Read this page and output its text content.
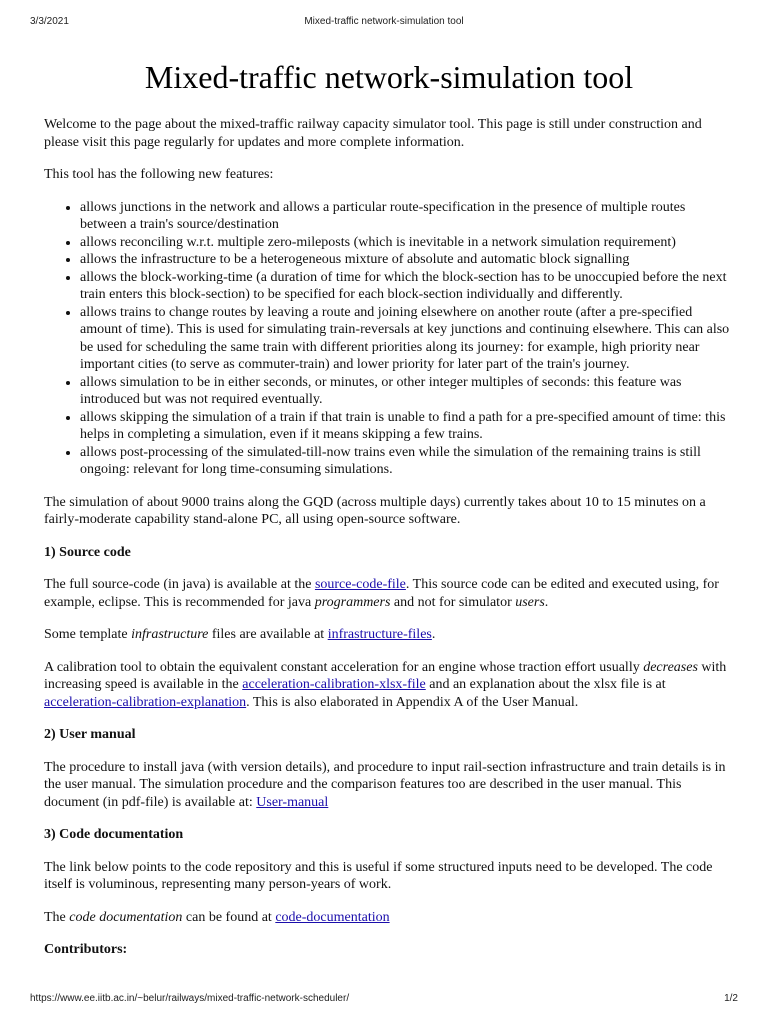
3/3/2021	Mixed-traffic network-simulation tool
Mixed-traffic network-simulation tool

Welcome to the page about the mixed-traffic railway capacity simulator tool. This page is still under construction and please visit this page regularly for updates and more complete information.

This tool has the following new features:

• allows junctions in the network and allows a particular route-specification in the presence of multiple routes between a train's source/destination
• allows reconciling w.r.t. multiple zero-mileposts (which is inevitable in a network simulation requirement)
• allows the infrastructure to be a heterogeneous mixture of absolute and automatic block signalling
• allows the block-working-time (a duration of time for which the block-section has to be unoccupied before the next train enters this block-section) to be specified for each block-section individually and differently.
• allows trains to change routes by leaving a route and joining elsewhere on another route (after a pre-specified amount of time). This is used for simulating train-reversals at key junctions and continuing elsewhere. This can also be used for scheduling the same train with different priorities along its journey: for example, high priority near important cities (to serve as commuter-train) and lower priority for later part of the train's journey.
• allows simulation to be in either seconds, or minutes, or other integer multiples of seconds: this feature was introduced but was not required eventually.
• allows skipping the simulation of a train if that train is unable to find a path for a pre-specified amount of time: this helps in completing a simulation, even if it means skipping a few trains.
• allows post-processing of the simulated-till-now trains even while the simulation of the remaining trains is still ongoing: relevant for long time-consuming simulations.

The simulation of about 9000 trains along the GQD (across multiple days) currently takes about 10 to 15 minutes on a fairly-moderate capability stand-alone PC, all using open-source software.

1) Source code

The full source-code (in java) is available at the source-code-file. This source code can be edited and executed using, for example, eclipse. This is recommended for java programmers and not for simulator users.

Some template infrastructure files are available at infrastructure-files.

A calibration tool to obtain the equivalent constant acceleration for an engine whose traction effort usually decreases with increasing speed is available in the acceleration-calibration-xlsx-file and an explanation about the xlsx file is at acceleration-calibration-explanation. This is also elaborated in Appendix A of the User Manual.

2) User manual

The procedure to install java (with version details), and procedure to input rail-section infrastructure and train details is in the user manual. The simulation procedure and the comparison features too are described in the user manual. This document (in pdf-file) is available at: User-manual

3) Code documentation

The link below points to the code repository and this is useful if some structured inputs need to be developed. The code itself is voluminous, representing many person-years of work.

The code documentation can be found at code-documentation

Contributors:
https://www.ee.iitb.ac.in/~belur/railways/mixed-traffic-network-scheduler/	1/2
